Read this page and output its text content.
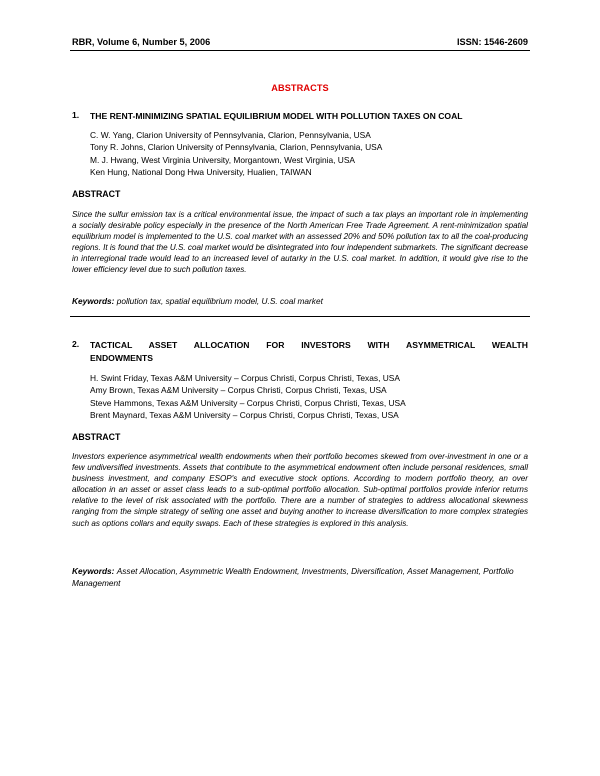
RBR, Volume 6, Number 5, 2006	ISSN: 1546-2609
ABSTRACTS
1. THE RENT-MINIMIZING SPATIAL EQUILIBRIUM MODEL WITH POLLUTION TAXES ON COAL
C. W. Yang, Clarion University of Pennsylvania, Clarion, Pennsylvania, USA
Tony R. Johns, Clarion University of Pennsylvania, Clarion, Pennsylvania, USA
M. J. Hwang, West Virginia University, Morgantown, West Virginia, USA
Ken Hung, National Dong Hwa University, Hualien, TAIWAN
ABSTRACT
Since the sulfur emission tax is a critical environmental issue, the impact of such a tax plays an important role in implementing a socially desirable policy especially in the presence of the North American Free Trade Agreement. A rent-minimization spatial equilibrium model is implemented to the U.S. coal market with an assessed 20% and 50% pollution tax to all the coal-producing regions. It is found that the U.S. coal market would be disintegrated into four independent submarkets. The significant decrease in interregional trade would lead to an increased level of autarky in the U.S. coal market. In addition, it would give rise to the lower efficiency level due to such pollution taxes.
Keywords: pollution tax, spatial equilibrium model, U.S. coal market
2. TACTICAL ASSET ALLOCATION FOR INVESTORS WITH ASYMMETRICAL WEALTH
ENDOWMENTS
H. Swint Friday, Texas A&M University – Corpus Christi, Corpus Christi, Texas, USA
Amy Brown, Texas A&M University – Corpus Christi, Corpus Christi, Texas, USA
Steve Hammons, Texas A&M University – Corpus Christi, Corpus Christi, Texas, USA
Brent Maynard, Texas A&M University – Corpus Christi, Corpus Christi, Texas, USA
ABSTRACT
Investors experience asymmetrical wealth endowments when their portfolio becomes skewed from over-investment in one or a few undiversified investments. Assets that contribute to the asymmetrical endowment often include personal residences, small business investment, and company ESOP's and executive stock options. According to modern portfolio theory, an over allocation in an asset or asset class leads to a sub-optimal portfolio allocation. Sub-optimal portfolios provide inferior returns relative to the level of risk associated with the portfolio. There are a number of strategies to address allocational skewness ranging from the simple strategy of selling one asset and buying another to increase diversification to more complex strategies such as options collars and equity swaps. Each of these strategies is explored in this analysis.
Keywords: Asset Allocation, Asymmetric Wealth Endowment, Investments, Diversification, Asset Management, Portfolio Management
